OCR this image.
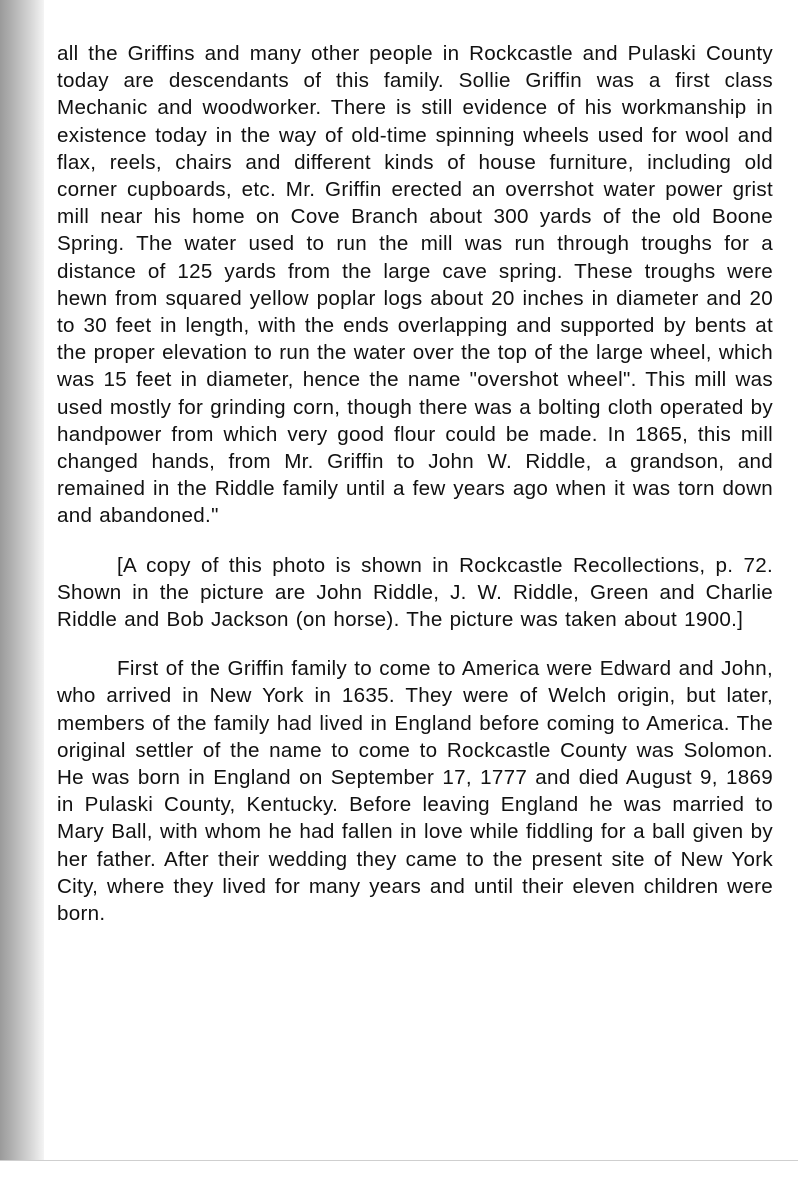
all the Griffins and many other people in Rockcastle and Pulaski County today are descendants of this family. Sollie Griffin was a first class Mechanic and woodworker. There is still evidence of his workmanship in existence today in the way of old-time spinning wheels used for wool and flax, reels, chairs and different kinds of house furniture, including old corner cupboards, etc. Mr. Griffin erected an overrshot water power grist mill near his home on Cove Branch about 300 yards of the old Boone Spring. The water used to run the mill was run through troughs for a distance of 125 yards from the large cave spring. These troughs were hewn from squared yellow poplar logs about 20 inches in diameter and 20 to 30 feet in length, with the ends overlapping and supported by bents at the proper elevation to run the water over the top of the large wheel, which was 15 feet in diameter, hence the name "overshot wheel". This mill was used mostly for grinding corn, though there was a bolting cloth operated by handpower from which very good flour could be made. In 1865, this mill changed hands, from Mr. Griffin to John W. Riddle, a grandson, and remained in the Riddle family until a few years ago when it was torn down and abandoned."

[A copy of this photo is shown in Rockcastle Recollections, p. 72. Shown in the picture are John Riddle, J. W. Riddle, Green and Charlie Riddle and Bob Jackson (on horse). The picture was taken about 1900.]

First of the Griffin family to come to America were Edward and John, who arrived in New York in 1635. They were of Welch origin, but later, members of the family had lived in England before coming to America. The original settler of the name to come to Rockcastle County was Solomon. He was born in England on September 17, 1777 and died August 9, 1869 in Pulaski County, Kentucky. Before leaving England he was married to Mary Ball, with whom he had fallen in love while fiddling for a ball given by her father. After their wedding they came to the present site of New York City, where they lived for many years and until their eleven children were born.
